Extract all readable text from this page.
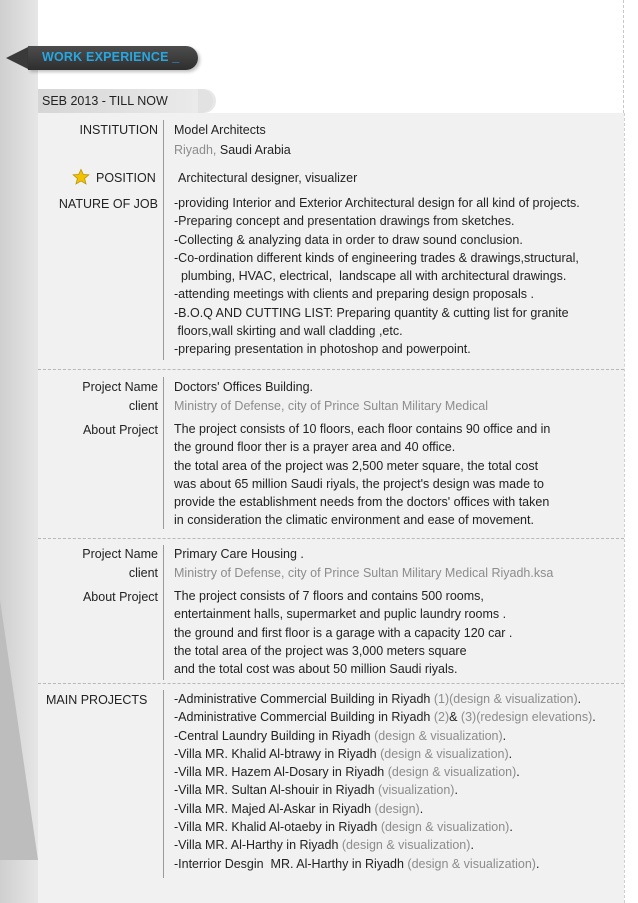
WORK EXPERIENCE _
SEB 2013 - TILL NOW
INSTITUTION Model Architects
Riyadh, Saudi Arabia
POSITION Architectural designer, visualizer
NATURE OF JOB -providing Interior and Exterior Architectural design for all kind of projects.
-Preparing concept and presentation drawings from sketches.
-Collecting & analyzing data in order to draw sound conclusion.
-Co-ordination different kinds of engineering trades & drawings,structural,
plumbing, HVAC, electrical,  landscape all with architectural drawings.
-attending meetings with clients and preparing design proposals .
-B.O.Q AND CUTTING LIST: Preparing quantity & cutting list for granite
floors,wall skirting and wall cladding ,etc.
-preparing presentation in photoshop and powerpoint.
Project Name Doctors' Offices Building.
client Ministry of Defense, city of Prince Sultan Military Medical
About Project The project consists of 10 floors, each floor contains 90 office and in
the ground floor ther is a prayer area and 40 office.
the total area of the project was 2,500 meter square, the total cost
was about 65 million Saudi riyals, the project's design was made to
provide the establishment needs from the doctors' offices with taken
in consideration the climatic environment and ease of movement.
Project Name Primary Care Housing .
client Ministry of Defense, city of Prince Sultan Military Medical Riyadh.ksa
About Project The project consists of 7 floors and contains 500 rooms,
entertainment halls, supermarket and puplic laundry rooms .
the ground and first floor is a garage with a capacity 120 car .
the total area of the project was 3,000 meters square
and the total cost was about 50 million Saudi riyals.
MAIN PROJECTS -Administrative Commercial Building in Riyadh (1)(design & visualization).
-Administrative Commercial Building in Riyadh (2)& (3)(redesign elevations).
-Central Laundry Building in Riyadh (design & visualization).
-Villa MR. Khalid Al-btrawy in Riyadh (design & visualization).
-Villa MR. Hazem Al-Dosary in Riyadh (design & visualization).
-Villa MR. Sultan Al-shouir in Riyadh (visualization).
-Villa MR. Majed Al-Askar in Riyadh (design).
-Villa MR. Khalid Al-otaeby in Riyadh (design & visualization).
-Villa MR. Al-Harthy in Riyadh (design & visualization).
-Interrior Desgin  MR. Al-Harthy in Riyadh (design & visualization).
